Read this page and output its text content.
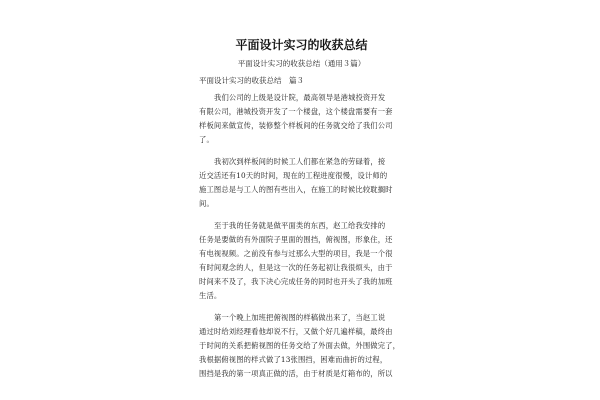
平面设计实习的收获总结
平面设计实习的收获总结（通用３篇）
平面设计实习的收获总结　篇３
我们公司的上级是设计院，最高领导是港城投资开发
有限公司，港城投资开发了一个楼盘，这个楼盘需要有一套
样板间来做宣传，装修整个样板间的任务就交给了我们公司
了。
我初次到样板间的时候工人们都在紧急的劳碌着，接
近交活还有10天的时间，现在的工程进度很慢，设计师的
施工图总是与工人的图有些出入，在施工的时候比较耽搁时
间。
至于我的任务就是做平面类的东西，赵工给我安排的
任务是要做的有外面院子里面的围挡，俯视图，形象住，还
有电视视频。之前没有参与过那么大型的项目，我是一个很
有时间观念的人，但是这一次的任务起初让我很烦头，由于
时间来不及了，我下决心完成任务的同时也开头了我的加班
生活。
第一个晚上加班把俯视图的样稿做出来了，当赵工说
通过时给刘经理看他却说不行，又做个好几遍样稿，最终由
于时间的关系把俯视图的任务交给了外面去做，外围做完了，
我根据俯视图的样式做了13张围挡，困难而曲折的过程，
围挡是我的第一项真正做的活，由于材质是灯箱布的，所以
